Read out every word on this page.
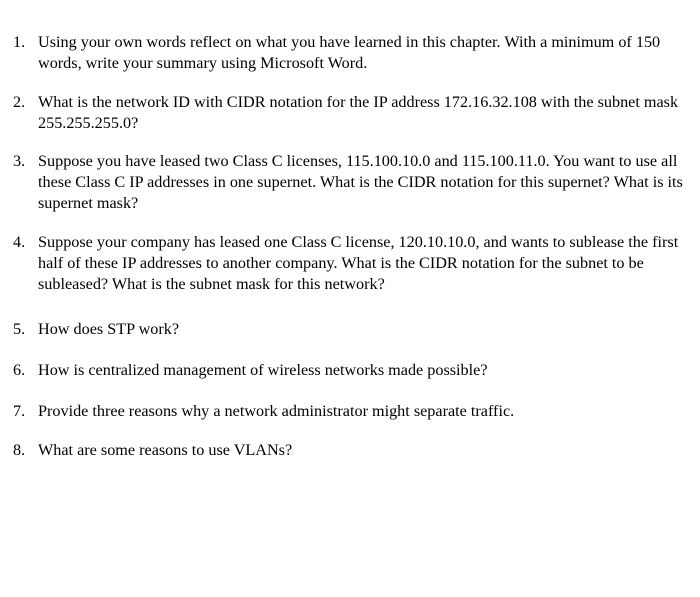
1. Using your own words reflect on what you have learned in this chapter. With a minimum of 150 words, write your summary using Microsoft Word.
2. What is the network ID with CIDR notation for the IP address 172.16.32.108 with the subnet mask 255.255.255.0?
3. Suppose you have leased two Class C licenses, 115.100.10.0 and 115.100.11.0. You want to use all these Class C IP addresses in one supernet. What is the CIDR notation for this supernet? What is its supernet mask?
4. Suppose your company has leased one Class C license, 120.10.10.0, and wants to sublease the first half of these IP addresses to another company. What is the CIDR notation for the subnet to be subleased? What is the subnet mask for this network?
5. How does STP work?
6. How is centralized management of wireless networks made possible?
7. Provide three reasons why a network administrator might separate traffic.
8. What are some reasons to use VLANs?
